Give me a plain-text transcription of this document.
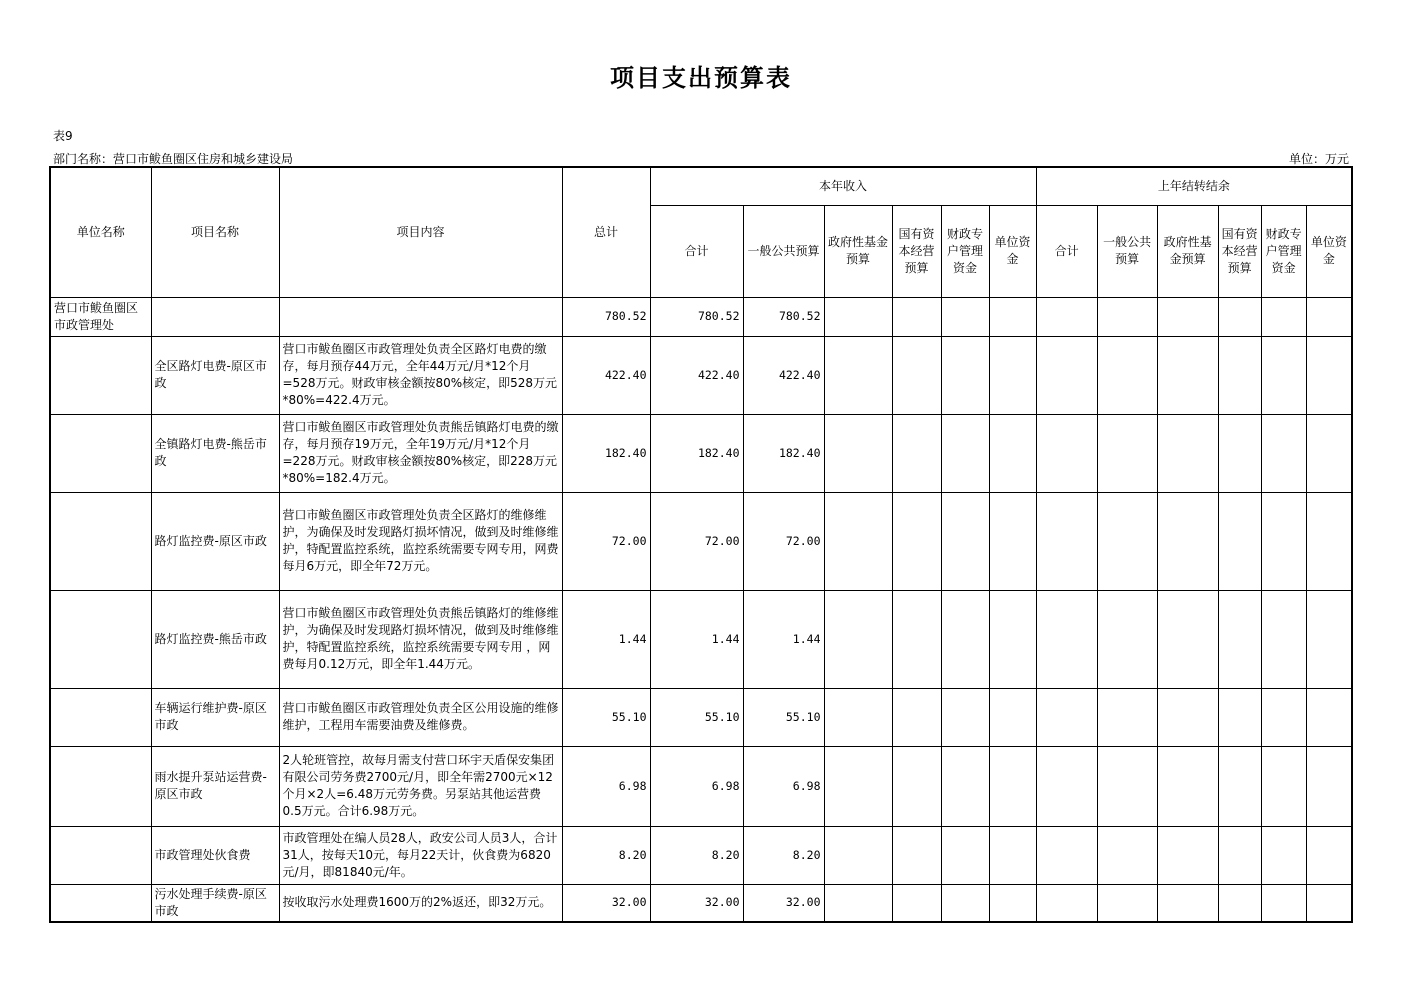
项目支出预算表
表9
部门名称：营口市鲅鱼圈区住房和城乡建设局	单位：万元
单位名称	项目名称	项目内容	总计	本年收入						上年结转结余					
				合计	一般公共预算	政府性基金预算	国有资本经营预算	财政专户管理资金	单位资金	合计	一般公共预算	政府性基金预算	国有资本经营预算	财政专户管理资金	单位资金
营口市鲅鱼圈区市政管理处			780.52	780.52	780.52										
	全区路灯电费-原区市政	营口市鲅鱼圈区市政管理处负责全区路灯电费的缴存，每月预存44万元，全年44万元/月*12个月=528万元。财政审核金额按80%核定，即528万元*80%=422.4万元。	422.40	422.40	422.40										
	全镇路灯电费-熊岳市政	营口市鲅鱼圈区市政管理处负责熊岳镇路灯电费的缴存，每月预存19万元，全年19万元/月*12个月=228万元。财政审核金额按80%核定，即228万元*80%=182.4万元。	182.40	182.40	182.40										
	路灯监控费-原区市政	营口市鲅鱼圈区市政管理处负责全区路灯的维修维护，为确保及时发现路灯损坏情况，做到及时维修维护，特配置监控系统，监控系统需要专网专用，网费每月6万元，即全年72万元。	72.00	72.00	72.00										
	路灯监控费-熊岳市政	营口市鲅鱼圈区市政管理处负责熊岳镇路灯的维修维护，为确保及时发现路灯损坏情况，做到及时维修维护，特配置监控系统，监控系统需要专网专用 ，网费每月0.12万元，即全年1.44万元。	1.44	1.44	1.44										
	车辆运行维护费-原区市政	营口市鲅鱼圈区市政管理处负责全区公用设施的维修维护，工程用车需要油费及维修费。	55.10	55.10	55.10										
	雨水提升泵站运营费-原区市政	2人轮班管控，故每月需支付营口环宇天盾保安集团有限公司劳务费2700元/月，即全年需2700元×12个月×2人=6.48万元劳务费。另泵站其他运营费0.5万元。合计6.98万元。	6.98	6.98	6.98										
	市政管理处伙食费	市政管理处在编人员28人，政安公司人员3人，合计31人，按每天10元，每月22天计，伙食费为6820元/月，即81840元/年。	8.20	8.20	8.20										
	污水处理手续费-原区市政	按收取污水处理费1600万的2%返还，即32万元。	32.00	32.00	32.00										
